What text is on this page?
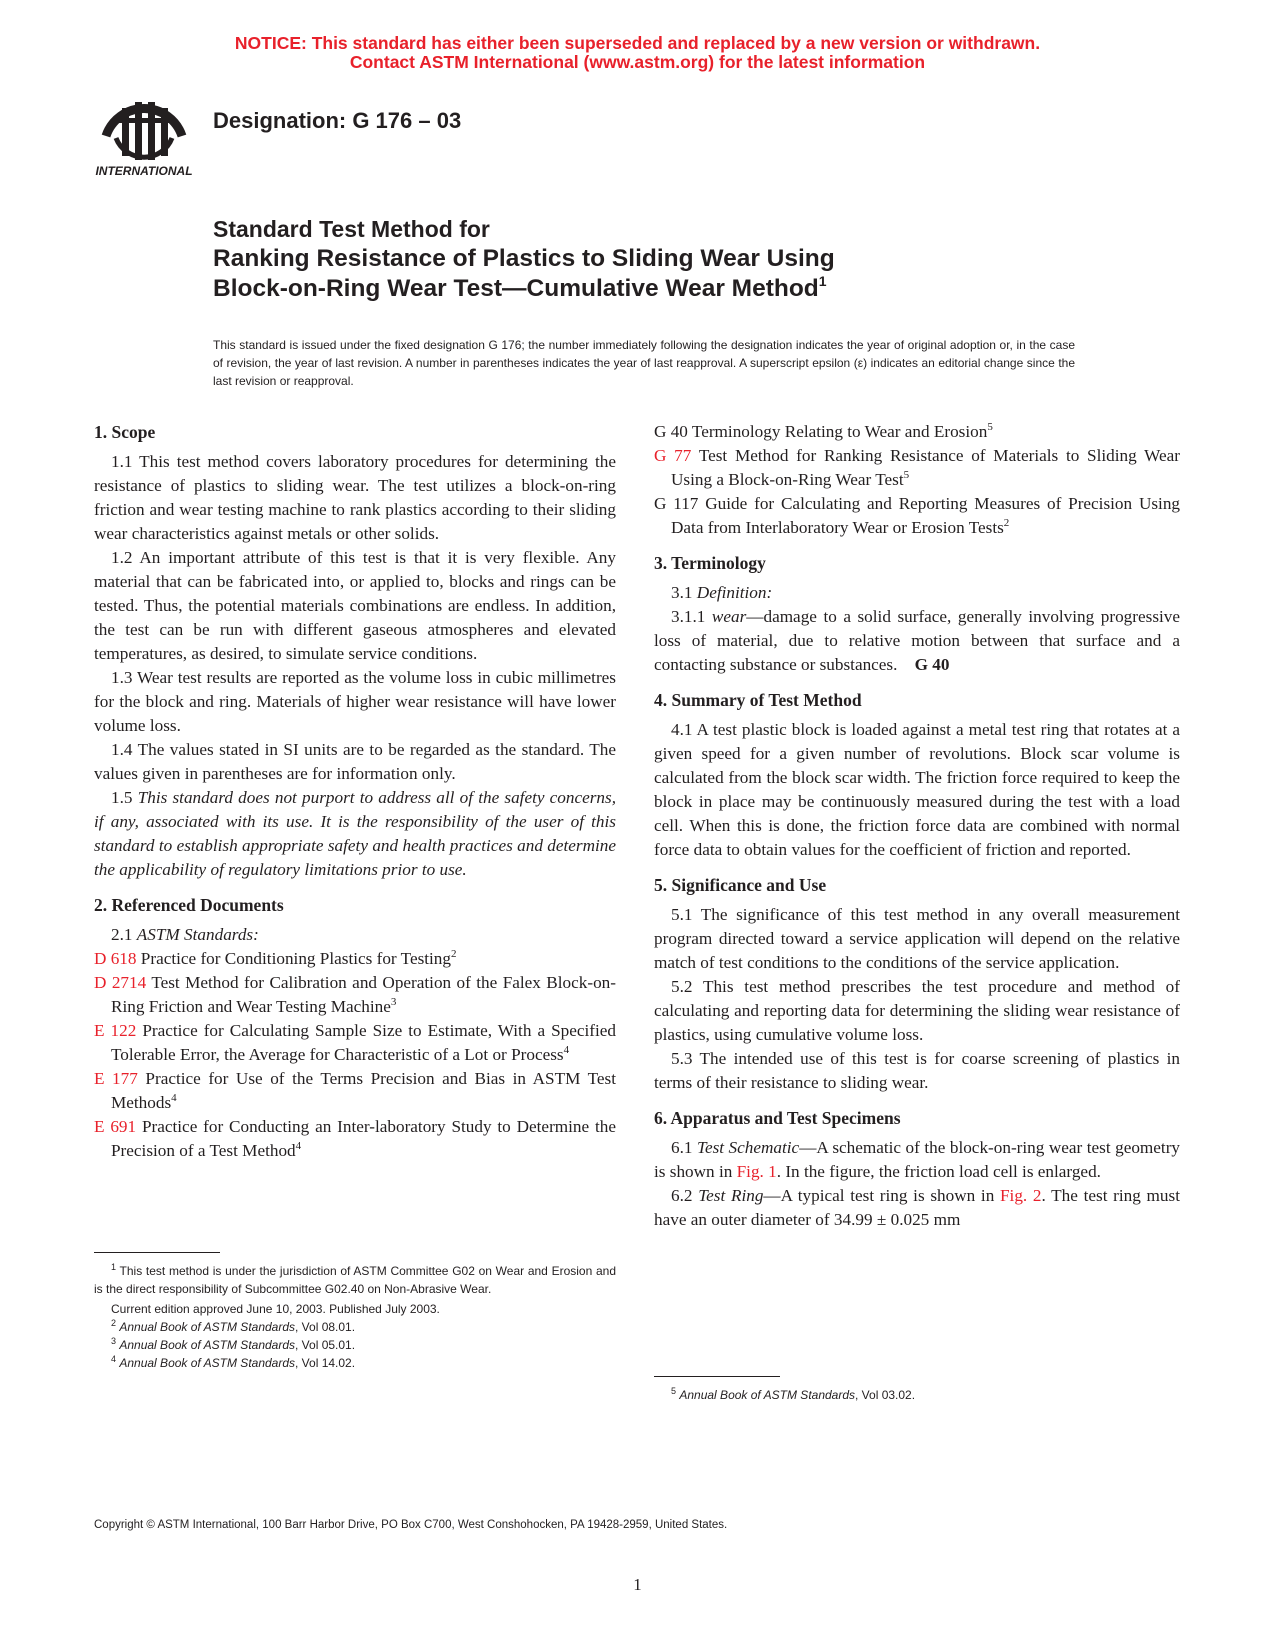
NOTICE: This standard has either been superseded and replaced by a new version or withdrawn.
Contact ASTM International (www.astm.org) for the latest information
INTERNATIONAL
Designation: G 176 – 03
Standard Test Method for
Ranking Resistance of Plastics to Sliding Wear Using
Block-on-Ring Wear Test—Cumulative Wear Method$^1$
This standard is issued under the fixed designation G 176; the number immediately following the designation indicates the year of original adoption or, in the case of revision, the year of last revision. A number in parentheses indicates the year of last reapproval. A superscript epsilon (ε) indicates an editorial change since the last revision or reapproval.
1. Scope

1.1 This test method covers laboratory procedures for determining the resistance of plastics to sliding wear. The test utilizes a block-on-ring friction and wear testing machine to rank plastics according to their sliding wear characteristics against metals or other solids.

1.2 An important attribute of this test is that it is very flexible. Any material that can be fabricated into, or applied to, blocks and rings can be tested. Thus, the potential materials combinations are endless. In addition, the test can be run with different gaseous atmospheres and elevated temperatures, as desired, to simulate service conditions.

1.3 Wear test results are reported as the volume loss in cubic millimetres for the block and ring. Materials of higher wear resistance will have lower volume loss.

1.4 The values stated in SI units are to be regarded as the standard. The values given in parentheses are for information only.

1.5 This standard does not purport to address all of the safety concerns, if any, associated with its use. It is the responsibility of the user of this standard to establish appropriate safety and health practices and determine the applicability of regulatory limitations prior to use.

2. Referenced Documents

2.1 ASTM Standards:

D 618 Practice for Conditioning Plastics for Testing$^2$
D 2714 Test Method for Calibration and Operation of the Falex Block-on-Ring Friction and Wear Testing Machine$^3$
E 122 Practice for Calculating Sample Size to Estimate, With a Specified Tolerable Error, the Average for Characteristic of a Lot or Process$^4$
E 177 Practice for Use of the Terms Precision and Bias in ASTM Test Methods$^4$
E 691 Practice for Conducting an Inter-laboratory Study to Determine the Precision of a Test Method$^4$

$^1$ This test method is under the jurisdiction of ASTM Committee G02 on Wear and Erosion and is the direct responsibility of Subcommittee G02.40 on Non-Abrasive Wear.

Current edition approved June 10, 2003. Published July 2003.

$^2$ Annual Book of ASTM Standards, Vol 08.01.

$^3$ Annual Book of ASTM Standards, Vol 05.01.

$^4$ Annual Book of ASTM Standards, Vol 14.02.

G 40 Terminology Relating to Wear and Erosion$^5$
G 77 Test Method for Ranking Resistance of Materials to Sliding Wear Using a Block-on-Ring Wear Test$^5$
G 117 Guide for Calculating and Reporting Measures of Precision Using Data from Interlaboratory Wear or Erosion Tests$^2$
3. Terminology

3.1 Definition:

3.1.1 wear—damage to a solid surface, generally involving progressive loss of material, due to relative motion between that surface and a contacting substance or substances. G 40

4. Summary of Test Method

4.1 A test plastic block is loaded against a metal test ring that rotates at a given speed for a given number of revolutions. Block scar volume is calculated from the block scar width. The friction force required to keep the block in place may be continuously measured during the test with a load cell. When this is done, the friction force data are combined with normal force data to obtain values for the coefficient of friction and reported.

5. Significance and Use

5.1 The significance of this test method in any overall measurement program directed toward a service application will depend on the relative match of test conditions to the conditions of the service application.

5.2 This test method prescribes the test procedure and method of calculating and reporting data for determining the sliding wear resistance of plastics, using cumulative volume loss.

5.3 The intended use of this test is for coarse screening of plastics in terms of their resistance to sliding wear.

6. Apparatus and Test Specimens

6.1 Test Schematic—A schematic of the block-on-ring wear test geometry is shown in Fig. 1. In the figure, the friction load cell is enlarged.

6.2 Test Ring—A typical test ring is shown in Fig. 2. The test ring must have an outer diameter of 34.99 ± 0.025 mm

$^5$ Annual Book of ASTM Standards, Vol 03.02.

Copyright © ASTM International, 100 Barr Harbor Drive, PO Box C700, West Conshohocken, PA 19428-2959, United States.
1
